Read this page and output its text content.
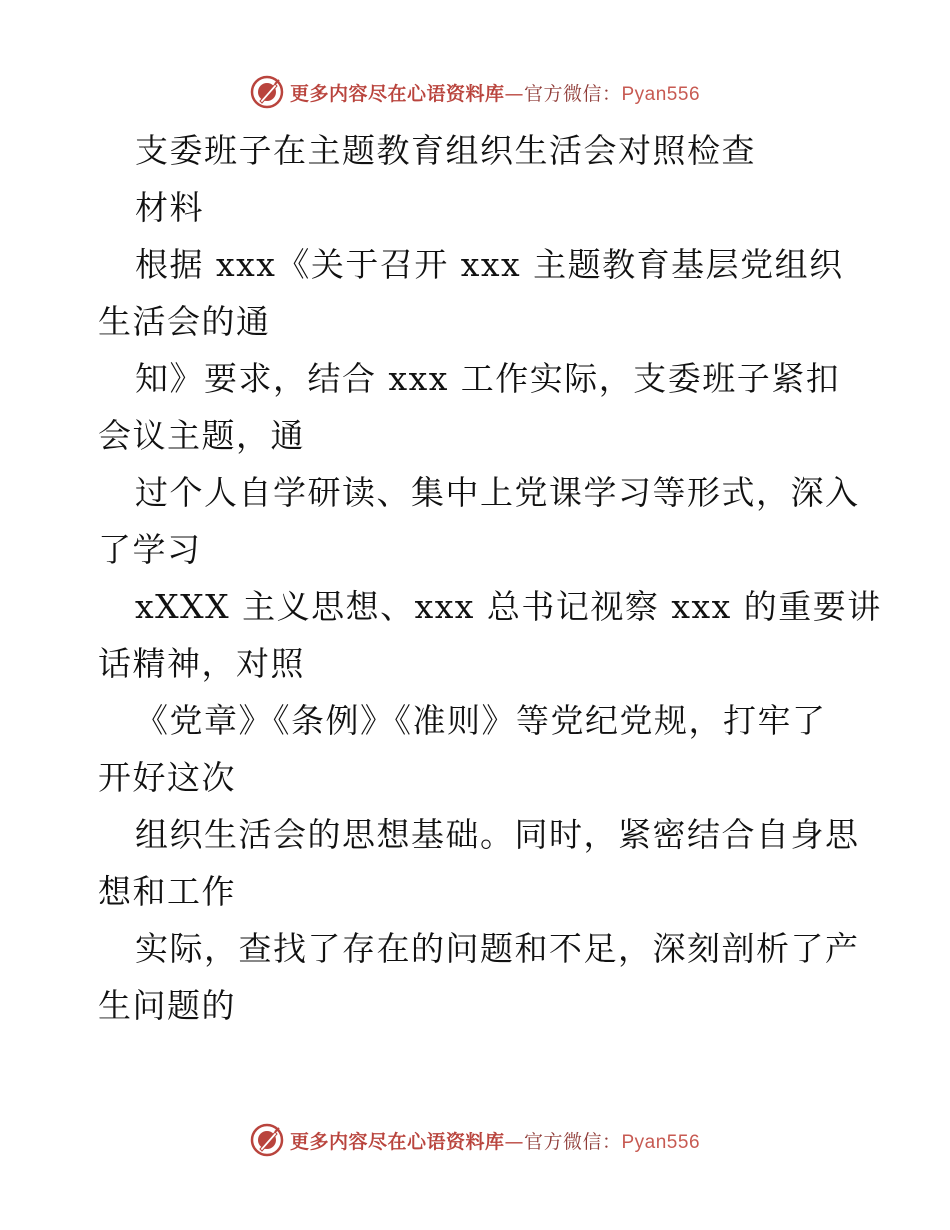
更多内容尽在心语资料库—官方微信：Pyan556
支委班子在主题教育组织生活会对照检查
材料
根据 xxx《关于召开 xxx 主题教育基层党组织
生活会的通
知》要求，结合 xxx 工作实际，支委班子紧扣
会议主题，通
过个人自学研读、集中上党课学习等形式，深入
了学习
xXXX 主义思想、xxx 总书记视察 xxx 的重要讲
话精神，对照
《党章》《条例》《准则》等党纪党规，打牢了
开好这次
组织生活会的思想基础。同时，紧密结合自身思
想和工作
实际，查找了存在的问题和不足，深刻剖析了产
生问题的
更多内容尽在心语资料库—官方微信：Pyan556
